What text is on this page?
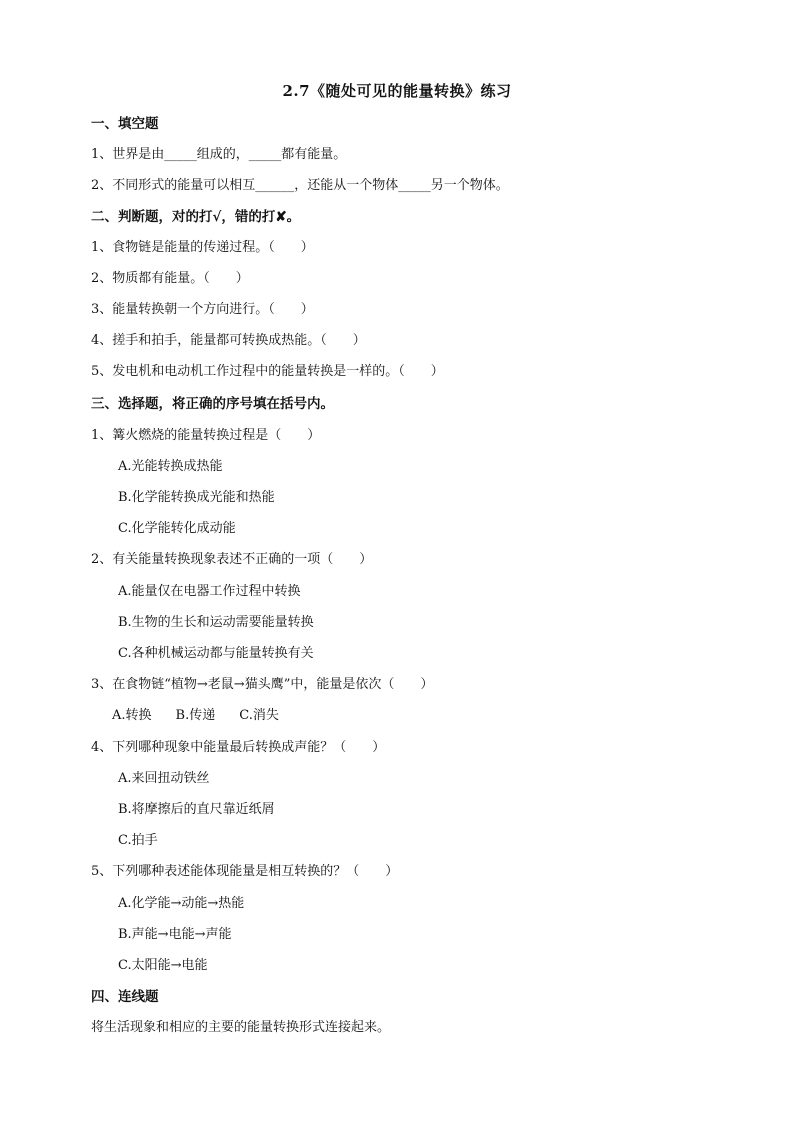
2.7《随处可见的能量转换》练习
一、填空题
1、世界是由_____组成的，_____都有能量。
2、不同形式的能量可以相互______，还能从一个物体_____另一个物体。
二、判断题，对的打√，错的打✘。
1、食物链是能量的传递过程。（　　）
2、物质都有能量。（　　）
3、能量转换朝一个方向进行。（　　）
4、搓手和拍手，能量都可转换成热能。（　　）
5、发电机和电动机工作过程中的能量转换是一样的。（　　）
三、选择题，将正确的序号填在括号内。
1、篝火燃烧的能量转换过程是（　　）
A.光能转换成热能
B.化学能转换成光能和热能
C.化学能转化成动能
2、有关能量转换现象表述不正确的一项（　　）
A.能量仅在电器工作过程中转换
B.生物的生长和运动需要能量转换
C.各种机械运动都与能量转换有关
3、在食物链“植物→老鼠→猫头鹰”中，能量是依次（　　）
A.转换 B.传递 C.消失
4、下列哪种现象中能量最后转换成声能？（　　）
A.来回扭动铁丝
B.将摩擦后的直尺靠近纸屑
C.拍手
5、下列哪种表述能体现能量是相互转换的？（　　）
A.化学能→动能→热能
B.声能→电能→声能
C.太阳能→电能
四、连线题
将生活现象和相应的主要的能量转换形式连接起来。
